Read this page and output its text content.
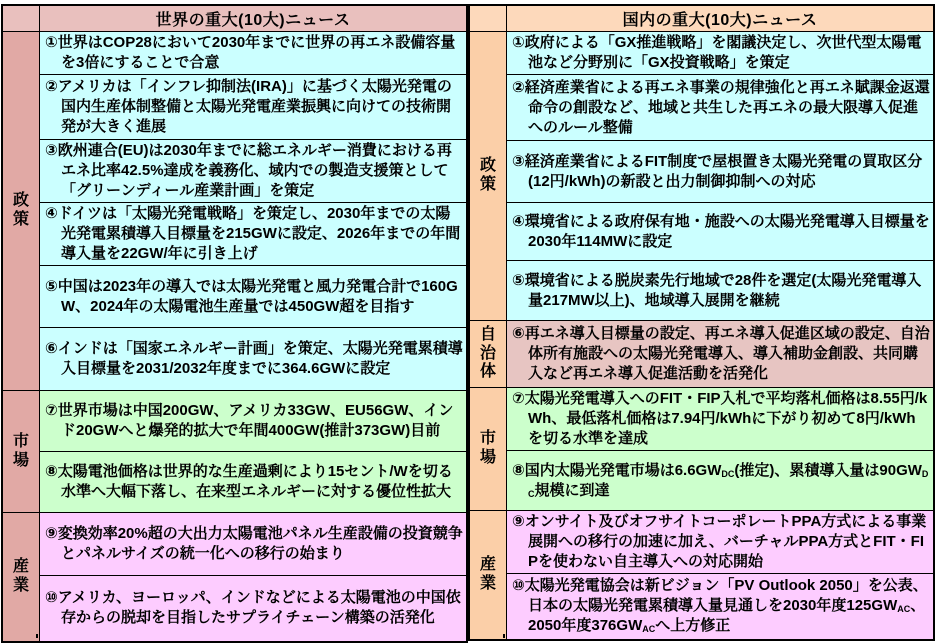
	世界の重大(10大)ニュース
政策	①世界はCOP28において2030年までに世界の再エネ設備容量を3倍にすることで合意
	②アメリカは「インフレ抑制法(IRA)」に基づく太陽光発電の国内生産体制整備と太陽光発電産業振興に向けての技術開発が大きく進展
	③欧州連合(EU)は2030年までに総エネルギー消費における再エネ比率42.5%達成を義務化、域内での製造支援策として「グリーンディール産業計画」を策定
	④ドイツは「太陽光発電戦略」を策定し、2030年までの太陽光発電累積導入目標量を215GWに設定、2026年までの年間導入量を22GW/年に引き上げ
	⑤中国は2023年の導入では太陽光発電と風力発電合計で160GW、2024年の太陽電池生産量では450GW超を目指す
	⑥インドは「国家エネルギー計画」を策定、太陽光発電累積導入目標量を2031/2032年度までに364.6GWに設定
市場	⑦世界市場は中国200GW、アメリカ33GW、EU56GW、インド20GWへと爆発的拡大で年間400GW(推計373GW)目前
	⑧太陽電池価格は世界的な生産過剰により15セント/Wを切る水準へ大幅下落し、在来型エネルギーに対する優位性拡大
産業	⑨変換効率20%超の大出力太陽電池パネル生産設備の投資競争とパネルサイズの統一化への移行の始まり
	⑩アメリカ、ヨーロッパ、インドなどによる太陽電池の中国依存からの脱却を目指したサプライチェーン構築の活発化
	国内の重大(10大)ニュース
政策	①政府による「GX推進戦略」を閣議決定し、次世代型太陽電池など分野別に「GX投資戦略」を策定
	②経済産業省による再エネ事業の規律強化と再エネ賦課金返還命令の創設など、地域と共生した再エネの最大限導入促進へのルール整備
	③経済産業省によるFIT制度で屋根置き太陽光発電の買取区分(12円/kWh)の新設と出力制御抑制への対応
	④環境省による政府保有地・施設への太陽光発電導入目標量を2030年114MWに設定
	⑤環境省による脱炭素先行地域で28件を選定(太陽光発電導入量217MW以上)、地域導入展開を継続
自治体	⑥再エネ導入目標量の設定、再エネ導入促進区域の設定、自治体所有施設への太陽光発電導入、導入補助金創設、共同購入など再エネ導入促進活動を活発化
市場	⑦太陽光発電導入へのFIT・FIP入札で平均落札価格は8.55円/kWh、最低落札価格は7.94円/kWhに下がり初めて8円/kWhを切る水準を達成
	⑧国内太陽光発電市場は$6.6GW_{DC}$(推定)、累積導入量は$90GW_{DC}$規模に到達
産業	⑨オンサイト及びオフサイトコーポレートPPA方式による事業展開への移行の加速に加え、バーチャルPPA方式とFIT・FIPを使わない自主導入への対応開始
	⑩太陽光発電協会は新ビジョン「PV Outlook 2050」を公表、日本の太陽光発電累積導入量見通しを2030年度$125GW_{AC}$、2050年度$376GW_{AC}$へ上方修正
